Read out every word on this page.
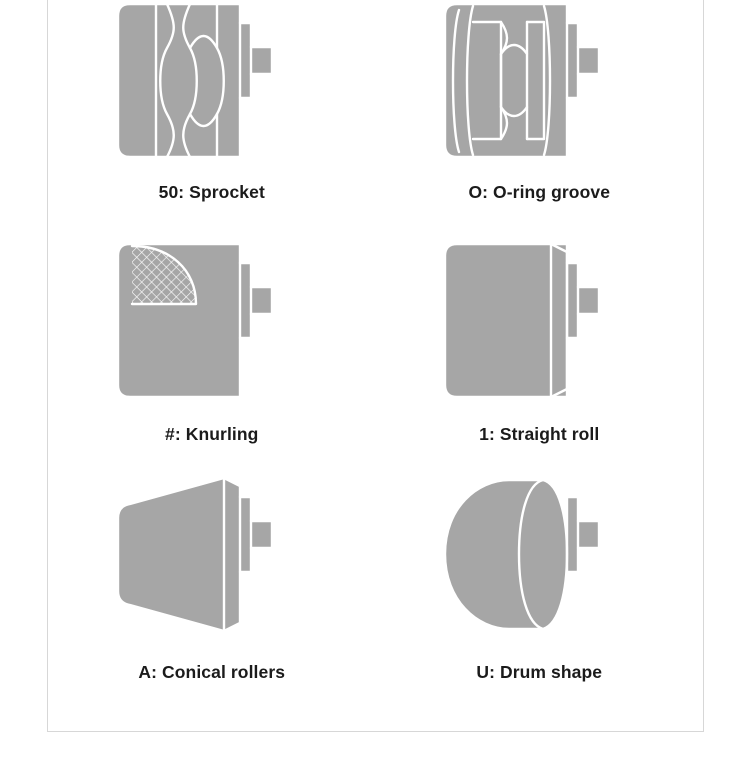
50: Sprocket	O: O-ring groove
#: Knurling	1: Straight roll
A: Conical rollers	U: Drum shape
